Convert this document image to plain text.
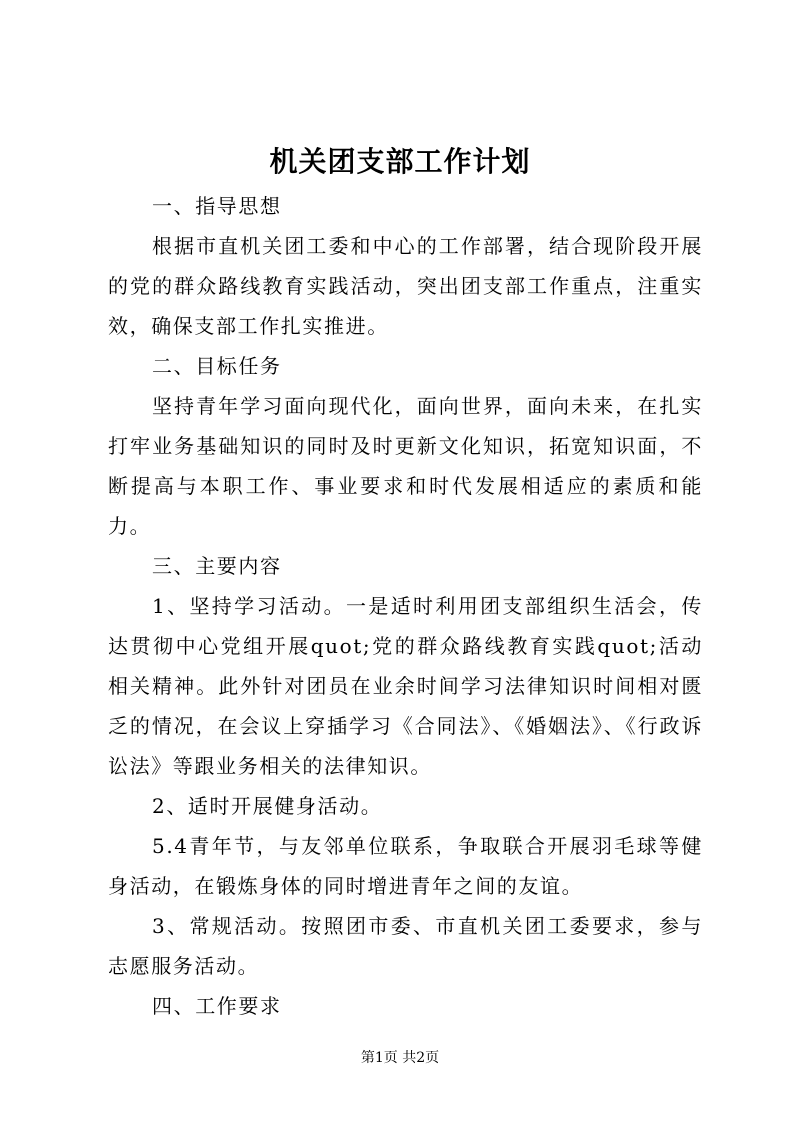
机关团支部工作计划

一、指导思想

根据市直机关团工委和中心的工作部署，结合现阶段开展的党的群众路线教育实践活动，突出团支部工作重点，注重实效，确保支部工作扎实推进。

二、目标任务

坚持青年学习面向现代化，面向世界，面向未来，在扎实打牢业务基础知识的同时及时更新文化知识，拓宽知识面，不断提高与本职工作、事业要求和时代发展相适应的素质和能力。

三、主要内容

1、坚持学习活动。一是适时利用团支部组织生活会，传达贯彻中心党组开展quot;党的群众路线教育实践quot;活动相关精神。此外针对团员在业余时间学习法律知识时间相对匮乏的情况，在会议上穿插学习《合同法》、《婚姻法》、《行政诉讼法》等跟业务相关的法律知识。

2、适时开展健身活动。

5.4青年节，与友邻单位联系，争取联合开展羽毛球等健身活动，在锻炼身体的同时增进青年之间的友谊。

3、常规活动。按照团市委、市直机关团工委要求，参与志愿服务活动。

四、工作要求

第1页 共2页
